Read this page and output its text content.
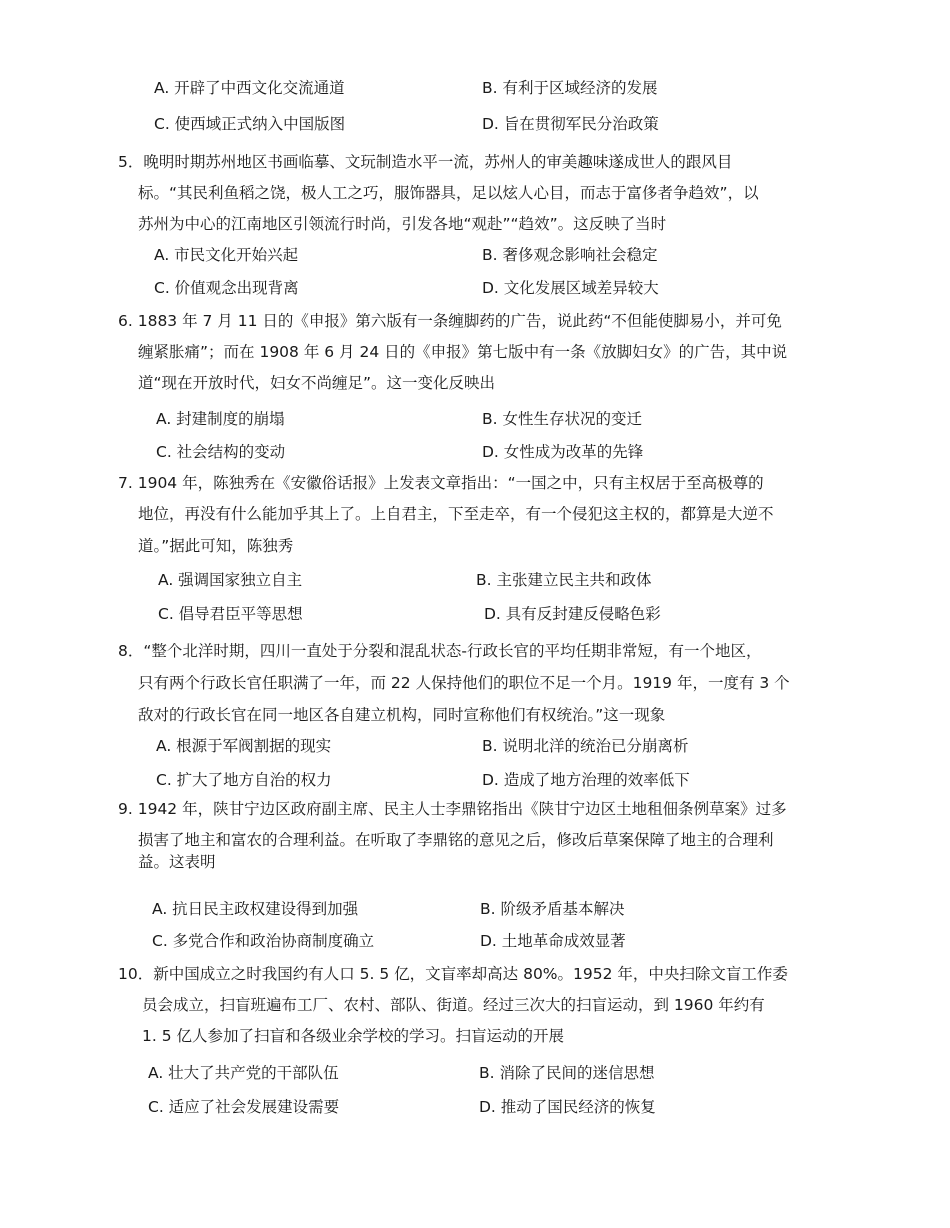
A. 开辟了中西文化交流通道	B. 有利于区域经济的发展
C. 使西域正式纳入中国版图	D. 旨在贯彻军民分治政策
5．晚明时期苏州地区书画临摹、文玩制造水平一流，苏州人的审美趣味遂成世人的跟风目
标。“其民利鱼稻之饶，极人工之巧，服饰器具，足以炫人心目，而志于富侈者争趋效”，以
苏州为中心的江南地区引领流行时尚，引发各地“观赴”“趋效”。这反映了当时
A. 市民文化开始兴起	B. 奢侈观念影响社会稳定
C. 价值观念出现背离	D. 文化发展区域差异较大
6. 1883 年 7 月 11 日的《申报》第六版有一条缠脚药的广告，说此药“不但能使脚易小，并可免
缠紧胀痛”；而在 1908 年 6 月 24 日的《申报》第七版中有一条《放脚妇女》的广告，其中说
道“现在开放时代，妇女不尚缠足”。这一变化反映出
A. 封建制度的崩塌	B. 女性生存状况的变迁
C. 社会结构的变动	D. 女性成为改革的先锋
7. 1904 年，陈独秀在《安徽俗话报》上发表文章指出：“一国之中，只有主权居于至高极尊的
地位，再没有什么能加乎其上了。上自君主，下至走卒，有一个侵犯这主权的，都算是大逆不
道。”据此可知，陈独秀
A. 强调国家独立自主	B. 主张建立民主共和政体
C. 倡导君臣平等思想	D. 具有反封建反侵略色彩
8．“整个北洋时期，四川一直处于分裂和混乱状态-行政长官的平均任期非常短，有一个地区，
只有两个行政长官任职满了一年，而 22 人保持他们的职位不足一个月。1919 年，一度有 3 个
敌对的行政长官在同一地区各自建立机构，同时宣称他们有权统治。”这一现象
A. 根源于军阀割据的现实	B. 说明北洋的统治已分崩离析
C. 扩大了地方自治的权力	D. 造成了地方治理的效率低下
9. 1942 年，陕甘宁边区政府副主席、民主人士李鼎铭指出《陕甘宁边区土地租佃条例草案》过多
损害了地主和富农的合理利益。在听取了李鼎铭的意见之后，修改后草案保障了地主的合理利
益。这表明
A. 抗日民主政权建设得到加强	B. 阶级矛盾基本解决
C. 多党合作和政治协商制度确立	D. 土地革命成效显著
10．新中国成立之时我国约有人口 5. 5 亿，文盲率却高达 80%。1952 年，中央扫除文盲工作委
员会成立，扫盲班遍布工厂、农村、部队、街道。经过三次大的扫盲运动，到 1960 年约有
1. 5 亿人参加了扫盲和各级业余学校的学习。扫盲运动的开展
A. 壮大了共产党的干部队伍	B. 消除了民间的迷信思想
C. 适应了社会发展建设需要	D. 推动了国民经济的恢复
